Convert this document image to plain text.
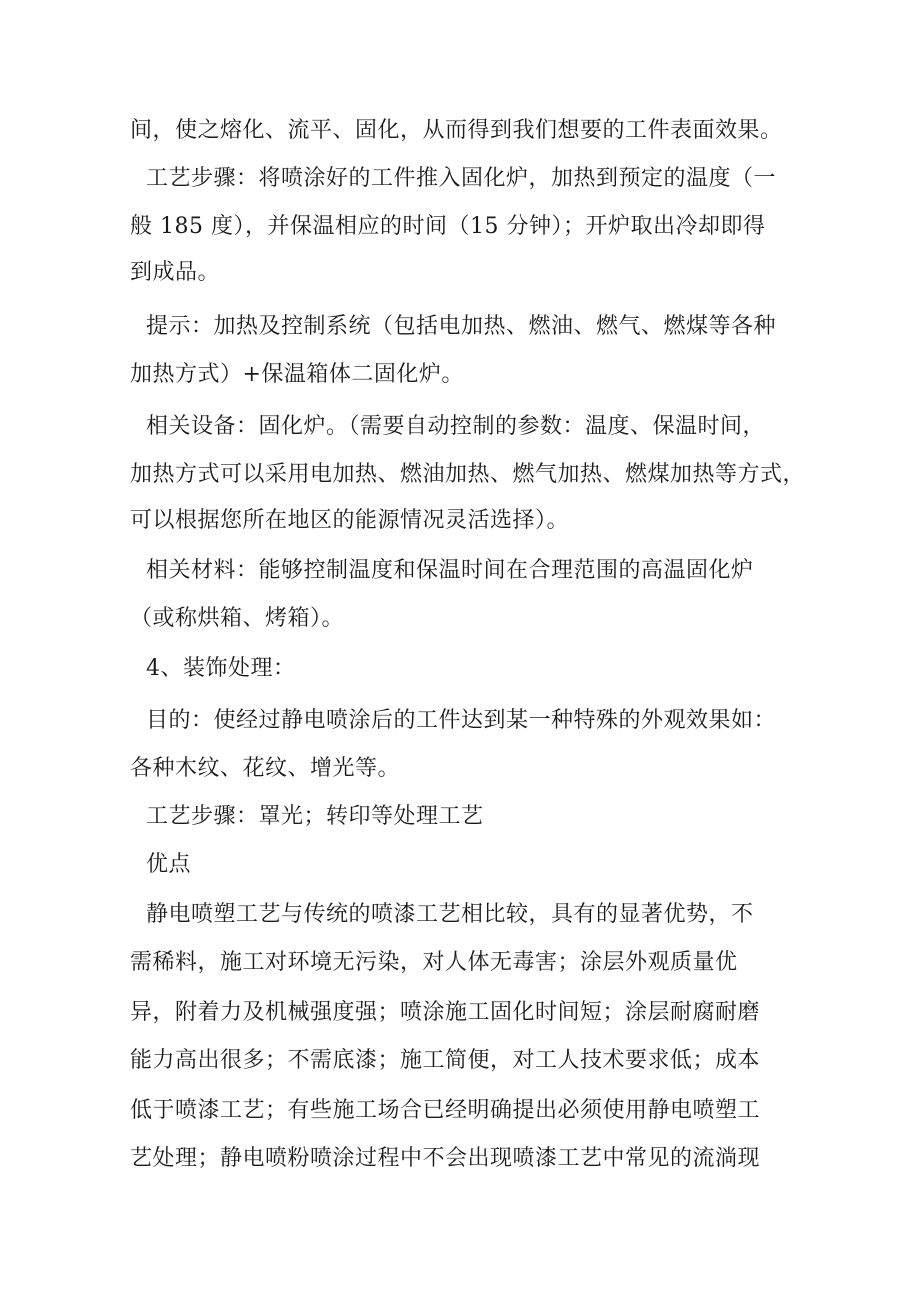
间，使之熔化、流平、固化，从而得到我们想要的工件表面效果。

工艺步骤：将喷涂好的工件推入固化炉，加热到预定的温度（一

般 185 度），并保温相应的时间（15 分钟）；开炉取出冷却即得

到成品。

提示：加热及控制系统（包括电加热、燃油、燃气、燃煤等各种

加热方式）+保温箱体二固化炉。

相关设备：固化炉。（需要自动控制的参数：温度、保温时间，

加热方式可以采用电加热、燃油加热、燃气加热、燃煤加热等方式，

可以根据您所在地区的能源情况灵活选择）。

相关材料：能够控制温度和保温时间在合理范围的高温固化炉

（或称烘箱、烤箱）。

4、装饰处理：

目的：使经过静电喷涂后的工件达到某一种特殊的外观效果如：

各种木纹、花纹、增光等。

工艺步骤：罩光；转印等处理工艺

优点

静电喷塑工艺与传统的喷漆工艺相比较，具有的显著优势，不

需稀料，施工对环境无污染，对人体无毒害；涂层外观质量优

异，附着力及机械强度强；喷涂施工固化时间短；涂层耐腐耐磨

能力高出很多；不需底漆；施工简便，对工人技术要求低；成本

低于喷漆工艺；有些施工场合已经明确提出必须使用静电喷塑工

艺处理；静电喷粉喷涂过程中不会出现喷漆工艺中常见的流淌现
